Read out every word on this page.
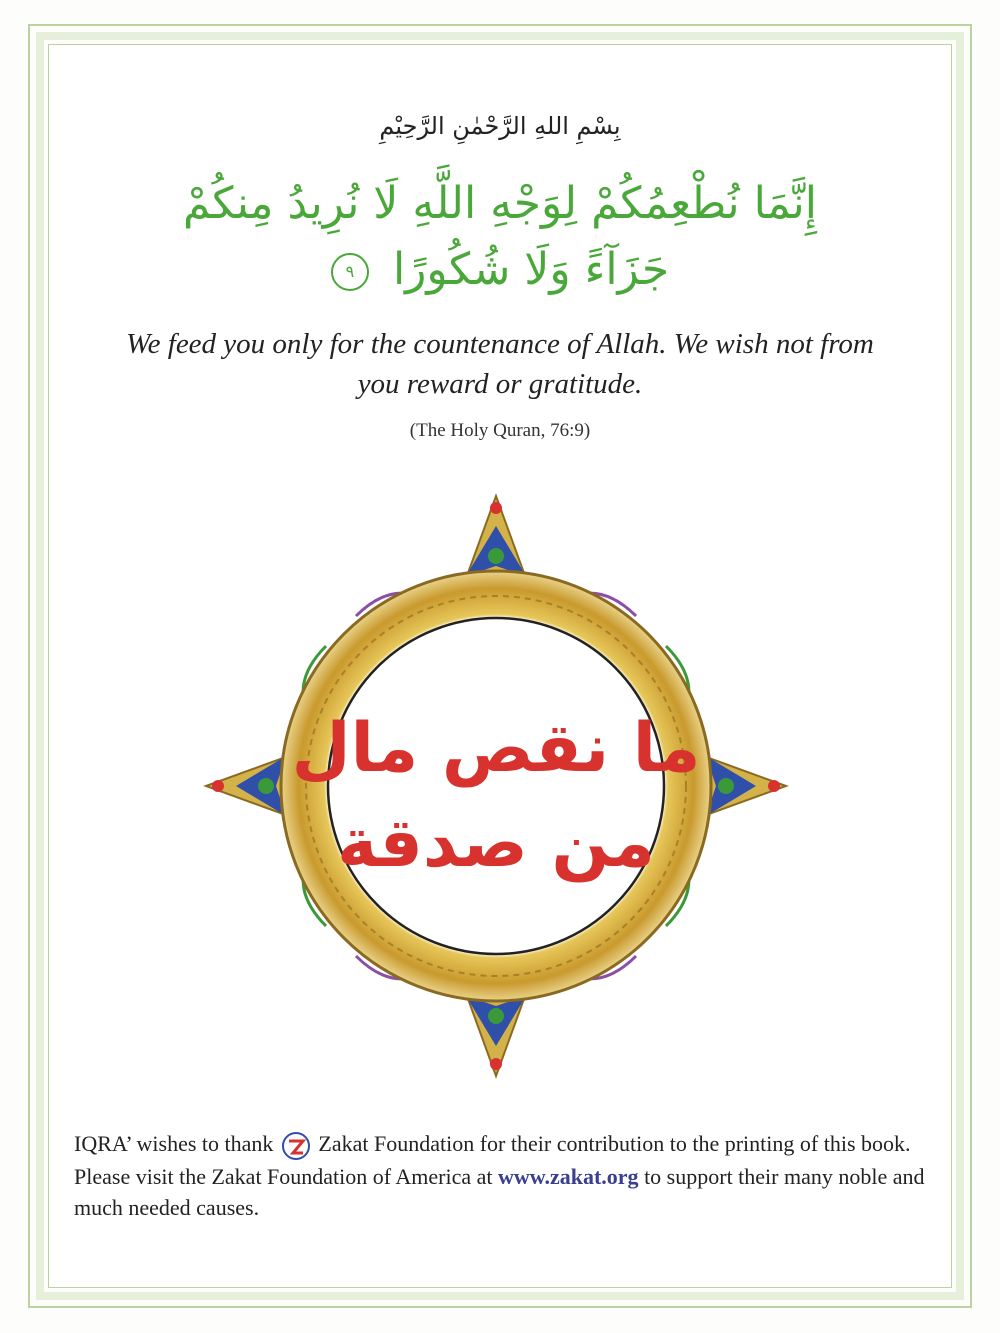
بِسْمِ اللهِ الرَّحْمٰنِ الرَّحِيْمِ
إِنَّمَا نُطْعِمُكُمْ لِوَجْهِ اللَّهِ لَا نُرِيدُ مِنكُمْ
جَزَآءً وَلَا شُكُورًا ٩
We feed you only for the countenance of Allah. We wish not from you reward or gratitude.
(The Holy Quran, 76:9)
ما نقص مال
من صدقة
IQRA’ wishes to thank Zakat Foundation for their contribution to the printing of this book. Please visit the Zakat Foundation of America at www.zakat.org to support their many noble and much needed causes.
